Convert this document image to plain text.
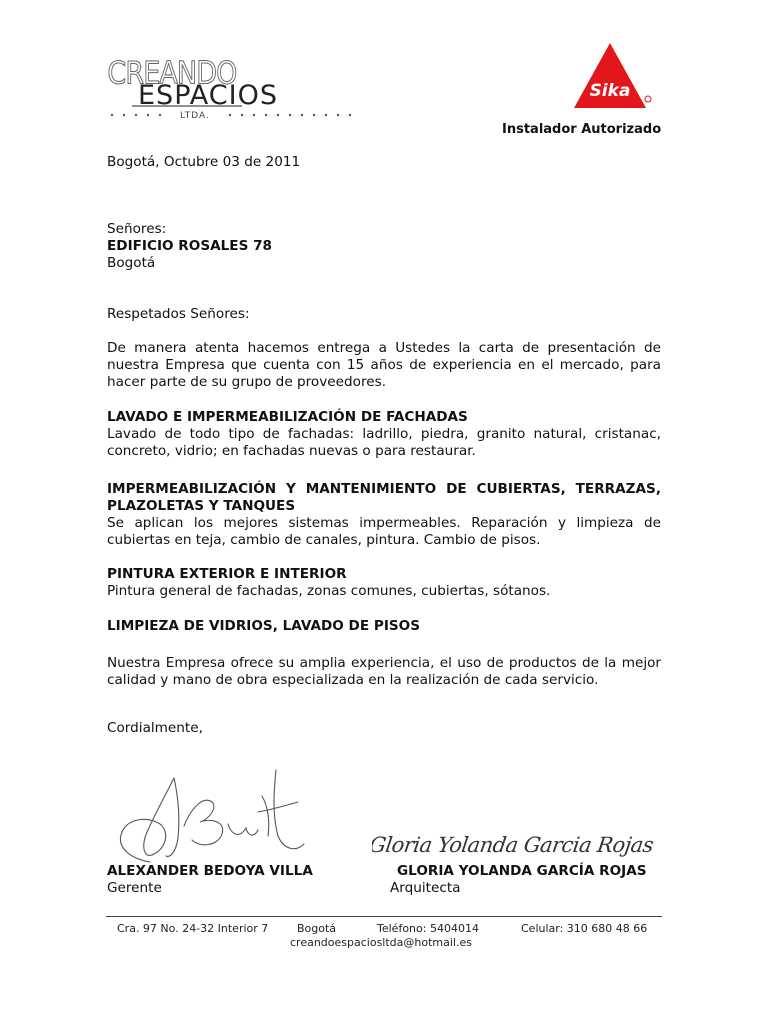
CREANDO
ESPACIOS
LTDA.
Sika
Instalador Autorizado
Bogotá, Octubre 03 de 2011
Señores:
EDIFICIO ROSALES 78
Bogotá
Respetados Señores:
De manera atenta hacemos entrega a Ustedes la carta de presentación de nuestra Empresa que cuenta con 15 años de experiencia en el mercado, para hacer parte de su grupo de proveedores.
LAVADO E IMPERMEABILIZACIÓN DE FACHADAS
Lavado de todo tipo de fachadas: ladrillo, piedra, granito natural, cristanac, concreto, vidrio; en fachadas nuevas o para restaurar.
IMPERMEABILIZACIÓN Y MANTENIMIENTO DE CUBIERTAS, TERRAZAS, PLAZOLETAS Y TANQUES
Se aplican los mejores sistemas impermeables. Reparación y limpieza de cubiertas en teja, cambio de canales, pintura. Cambio de pisos.
PINTURA EXTERIOR E INTERIOR
Pintura general de fachadas, zonas comunes, cubiertas, sótanos.
LIMPIEZA DE VIDRIOS, LAVADO DE PISOS
Nuestra Empresa ofrece su amplia experiencia, el uso de productos de la mejor calidad y mano de obra especializada en la realización de cada servicio.
Cordialmente,
Gloria Yolanda Garcia Rojas
ALEXANDER BEDOYA VILLA
Gerente
GLORIA YOLANDA GARCÍA ROJAS
Arquitecta
Cra. 97 No. 24-32 Interior 7	Bogotá	Teléfono: 5404014	Celular: 310 680 48 66
creandoespaciosltda@hotmail.es
